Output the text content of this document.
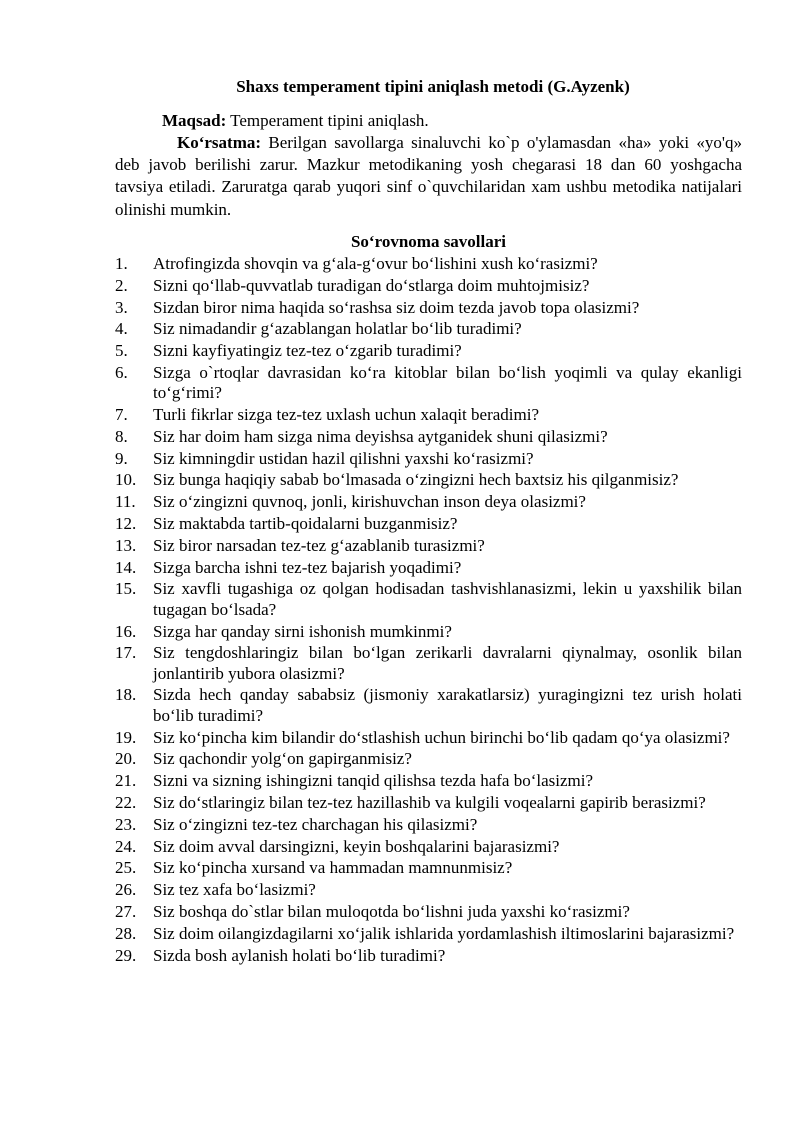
Shaxs temperament tipini aniqlash metodi (G.Ayzenk)
Maqsad: Temperament tipini aniqlash.
Ko‘rsatma: Berilgan savollarga sinaluvchi ko`p o'ylamasdan «ha» yoki «yo'q» deb javob berilishi zarur. Mazkur metodikaning yosh chegarasi 18 dan 60 yoshgachа tavsiya etiladi. Zaruratga qarab yuqori sinf o`quvchilaridan xam ushbu metodika natijalari olinishi mumkin.
So‘rovnoma savollari
1. Atrofingizda shovqin va g‘ala-g‘ovur bo‘lishini xush ko‘rasizmi?
2. Sizni qo‘llab-quvvatlab turadigan do‘stlarga doim muhtojmisiz?
3. Sizdan biror nima haqida so‘rashsa siz doim tezda javob topa olasizmi?
4. Siz nimadandir g‘azablangan holatlar bo‘lib turadimi?
5. Sizni kayfiyatingiz tez-tez o‘zgarib turadimi?
6. Sizga o`rtoqlar davrasidan ko‘ra kitoblar bilan bo‘lish yoqimli va qulay ekanligi to‘g‘rimi?
7. Turli fikrlar sizga tez-tez uxlash uchun xalaqit beradimi?
8. Siz har doim ham sizga nima deyishsa aytganidek shuni qilasizmi?
9. Siz kimningdir ustidan hazil qilishni yaxshi ko‘rasizmi?
10. Siz bunga haqiqiy sabab bo‘lmasada o‘zingizni hech baxtsiz his qilganmisiz?
11. Siz o‘zingizni quvnoq, jonli, kirishuvchan inson deya olasizmi?
12. Siz maktabda tartib-qoidalarni buzganmisiz?
13. Siz biror narsadan tez-tez g‘azablanib turasizmi?
14. Sizga barcha ishni tez-tez bajarish yoqadimi?
15. Siz xavfli tugashiga oz qolgan hodisadan tashvishlanasizmi, lekin u yaxshilik bilan tugagan bo‘lsada?
16. Sizga har qanday sirni ishonish mumkinmi?
17. Siz tengdoshlaringiz bilan bo‘lgan zerikarli davralarni qiynalmay, osonlik bilan jonlantirib yubora olasizmi?
18. Sizda hech qanday sababsiz (jismoniy xarakatlarsiz) yuragingizni tez urish holati bo‘lib turadimi?
19. Siz ko‘pincha kim bilandir do‘stlashish uchun birinchi bo‘lib qadam qo‘ya olasizmi?
20. Siz qachondir yolg‘on gapirganmisiz?
21. Sizni va sizning ishingizni tanqid qilishsa tezda hafa bo‘lasizmi?
22. Siz do‘stlaringiz bilan tez-tez hazillashib va kulgili voqealarni gapirib berasizmi?
23. Siz o‘zingizni tez-tez charchagan his qilasizmi?
24. Siz doim avval darsingizni, keyin boshqalarini bajarasizmi?
25. Siz ko‘pincha xursand va hammadan mamnunmisiz?
26. Siz tez xafa bo‘lasizmi?
27. Siz boshqa do`stlar bilan muloqotda bo‘lishni juda yaxshi ko‘rasizmi?
28. Siz doim oilangizdagilarni xo‘jalik ishlarida yordamlashish iltimoslarini bajarasizmi?
29. Sizda bosh aylanish holati bo‘lib turadimi?
